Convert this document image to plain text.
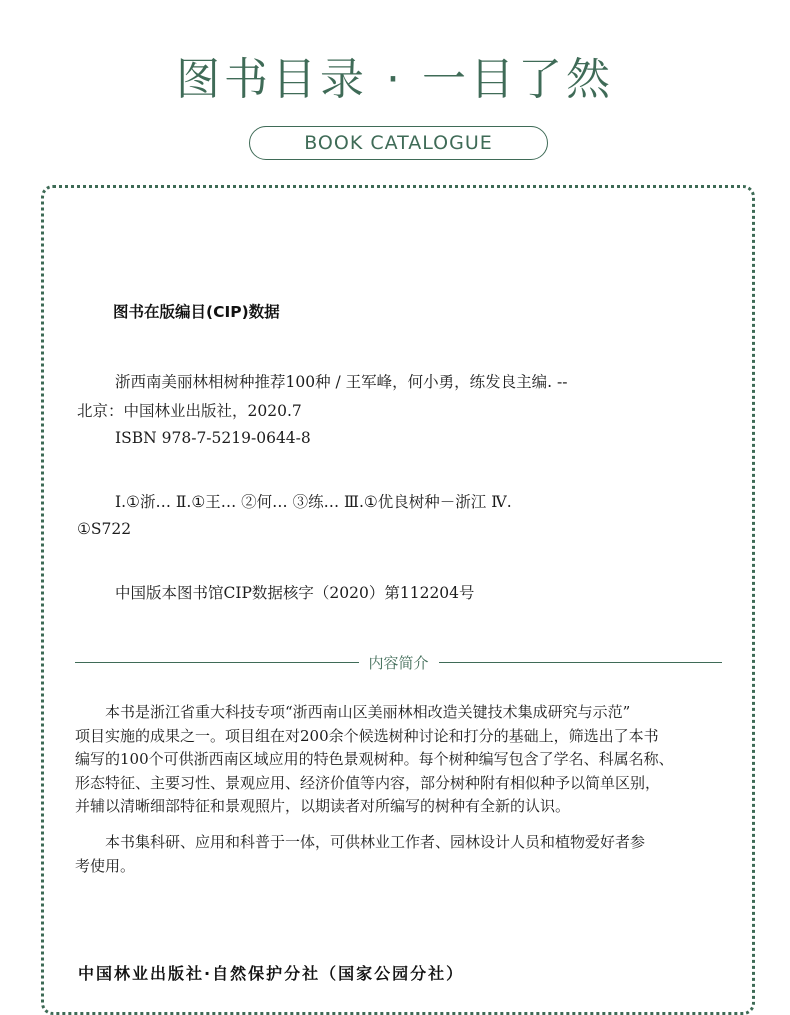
图书目录 · 一目了然
BOOK CATALOGUE
图书在版编目(CIP)数据
浙西南美丽林相树种推荐100种 / 王军峰，何小勇，练发良主编. --
北京：中国林业出版社，2020.7
ISBN 978-7-5219-0644-8
Ⅰ.①浙… Ⅱ.①王… ②何… ③练… Ⅲ.①优良树种－浙江 Ⅳ.
①S722
中国版本图书馆CIP数据核字（2020）第112204号
内容简介
本书是浙江省重大科技专项“浙西南山区美丽林相改造关键技术集成研究与示范”
项目实施的成果之一。项目组在对200余个候选树种讨论和打分的基础上，筛选出了本书
编写的100个可供浙西南区域应用的特色景观树种。每个树种编写包含了学名、科属名称、
形态特征、主要习性、景观应用、经济价值等内容，部分树种附有相似种予以简单区别，
并辅以清晰细部特征和景观照片，以期读者对所编写的树种有全新的认识。
本书集科研、应用和科普于一体，可供林业工作者、园林设计人员和植物爱好者参
考使用。
中国林业出版社·自然保护分社（国家公园分社）
